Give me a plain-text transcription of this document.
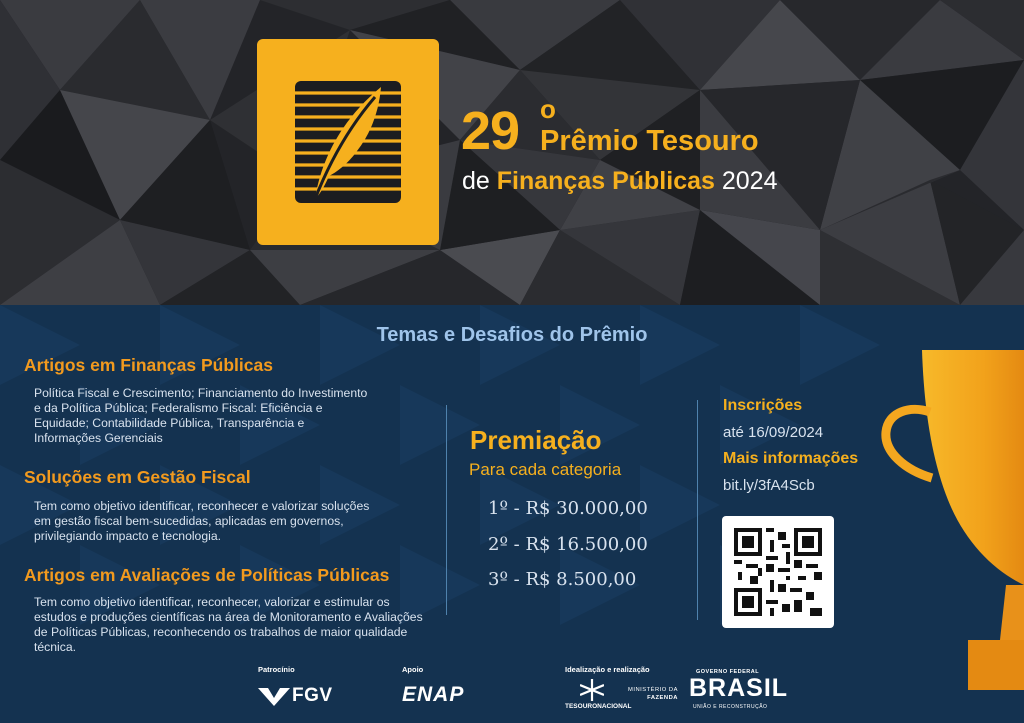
29 o
Prêmio Tesouro
de Finanças Públicas 2024
Temas e Desafios do Prêmio
Artigos em Finanças Públicas
Política Fiscal e Crescimento; Financiamento do Investimento e da Política Pública; Federalismo Fiscal: Eficiência e Equidade; Contabilidade Pública, Transparência e Informações Gerenciais
Soluções em Gestão Fiscal
Tem como objetivo identificar, reconhecer e valorizar soluções em gestão fiscal bem-sucedidas, aplicadas em governos, privilegiando impacto e tecnologia.
Artigos em Avaliações de Políticas Públicas
Tem como objetivo identificar, reconhecer, valorizar e estimular os estudos e produções científicas na área de Monitoramento e Avaliações de Políticas Públicas, reconhecendo os trabalhos de maior qualidade técnica.
Premiação
Para cada categoria
1º - R$ 30.000,00
2º - R$ 16.500,00
3º - R$ 8.500,00
Inscrições
até 16/09/2024
Mais informações
bit.ly/3fA4Scb
Patrocínio
FGV
Apoio
ENAP
Idealização e realização
TESOURONACIONAL
MINISTÉRIO DA
FAZENDA
GOVERNO FEDERAL
BRASIL
UNIÃO E RECONSTRUÇÃO
